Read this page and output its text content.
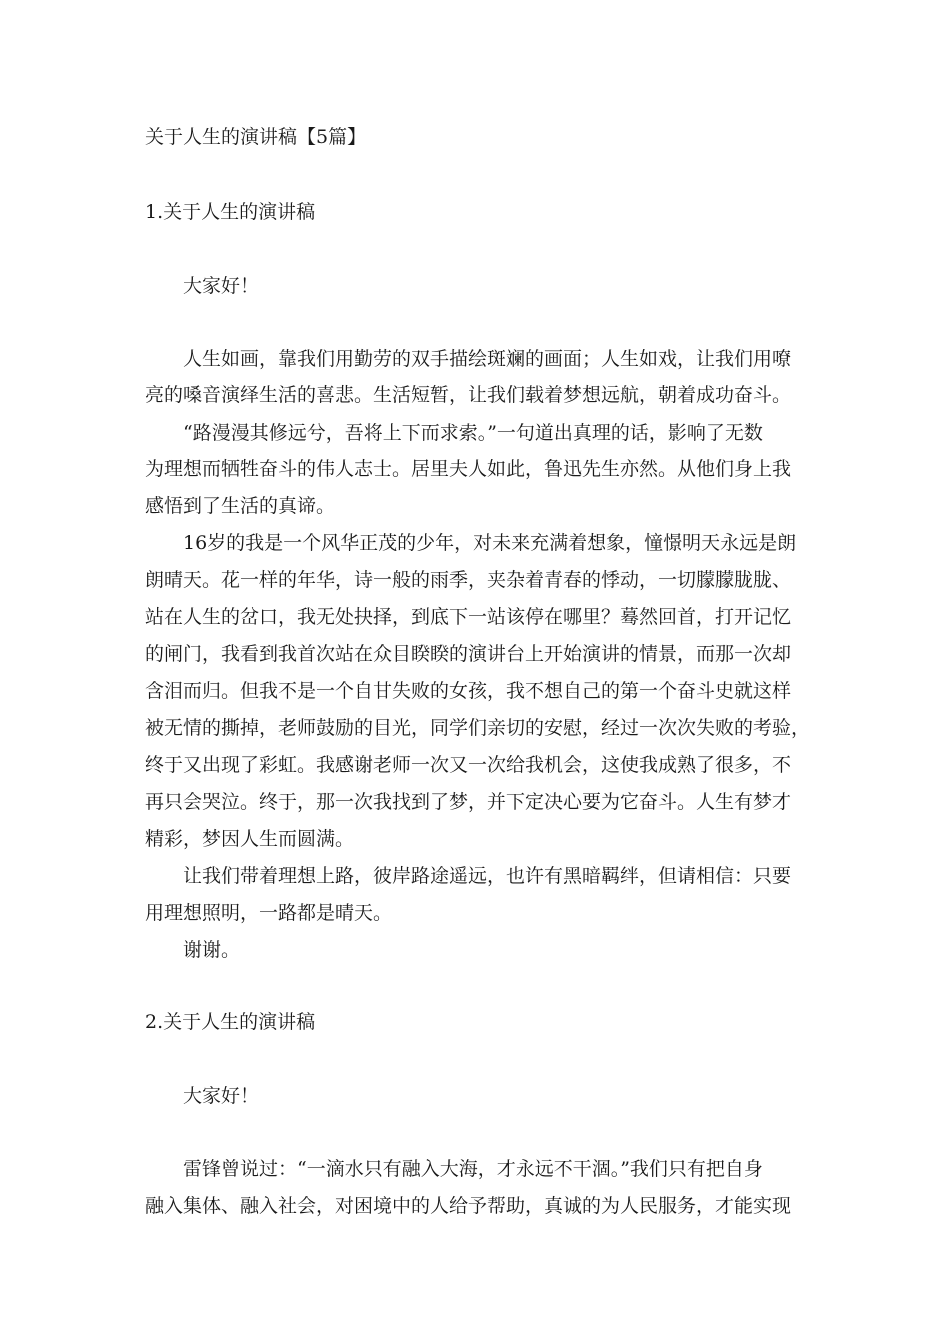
关于人生的演讲稿【5篇】
1.关于人生的演讲稿
大家好！
人生如画，靠我们用勤劳的双手描绘斑斓的画面；人生如戏，让我们用嘹
亮的嗓音演绎生活的喜悲。生活短暂，让我们载着梦想远航，朝着成功奋斗。
“路漫漫其修远兮，吾将上下而求索。”一句道出真理的话，影响了无数
为理想而牺牲奋斗的伟人志士。居里夫人如此，鲁迅先生亦然。从他们身上我
感悟到了生活的真谛。
16岁的我是一个风华正茂的少年，对未来充满着想象，憧憬明天永远是朗
朗晴天。花一样的年华，诗一般的雨季，夹杂着青春的悸动，一切朦朦胧胧、
站在人生的岔口，我无处抉择，到底下一站该停在哪里？蓦然回首，打开记忆
的闸门，我看到我首次站在众目睽睽的演讲台上开始演讲的情景，而那一次却
含泪而归。但我不是一个自甘失败的女孩，我不想自己的第一个奋斗史就这样
被无情的撕掉，老师鼓励的目光，同学们亲切的安慰，经过一次次失败的考验，
终于又出现了彩虹。我感谢老师一次又一次给我机会，这使我成熟了很多，不
再只会哭泣。终于，那一次我找到了梦，并下定决心要为它奋斗。人生有梦才
精彩，梦因人生而圆满。
让我们带着理想上路，彼岸路途遥远，也许有黑暗羁绊，但请相信：只要
用理想照明，一路都是晴天。
谢谢。
2.关于人生的演讲稿
大家好！
雷锋曾说过：“一滴水只有融入大海，才永远不干涸。”我们只有把自身
融入集体、融入社会，对困境中的人给予帮助，真诚的为人民服务，才能实现
